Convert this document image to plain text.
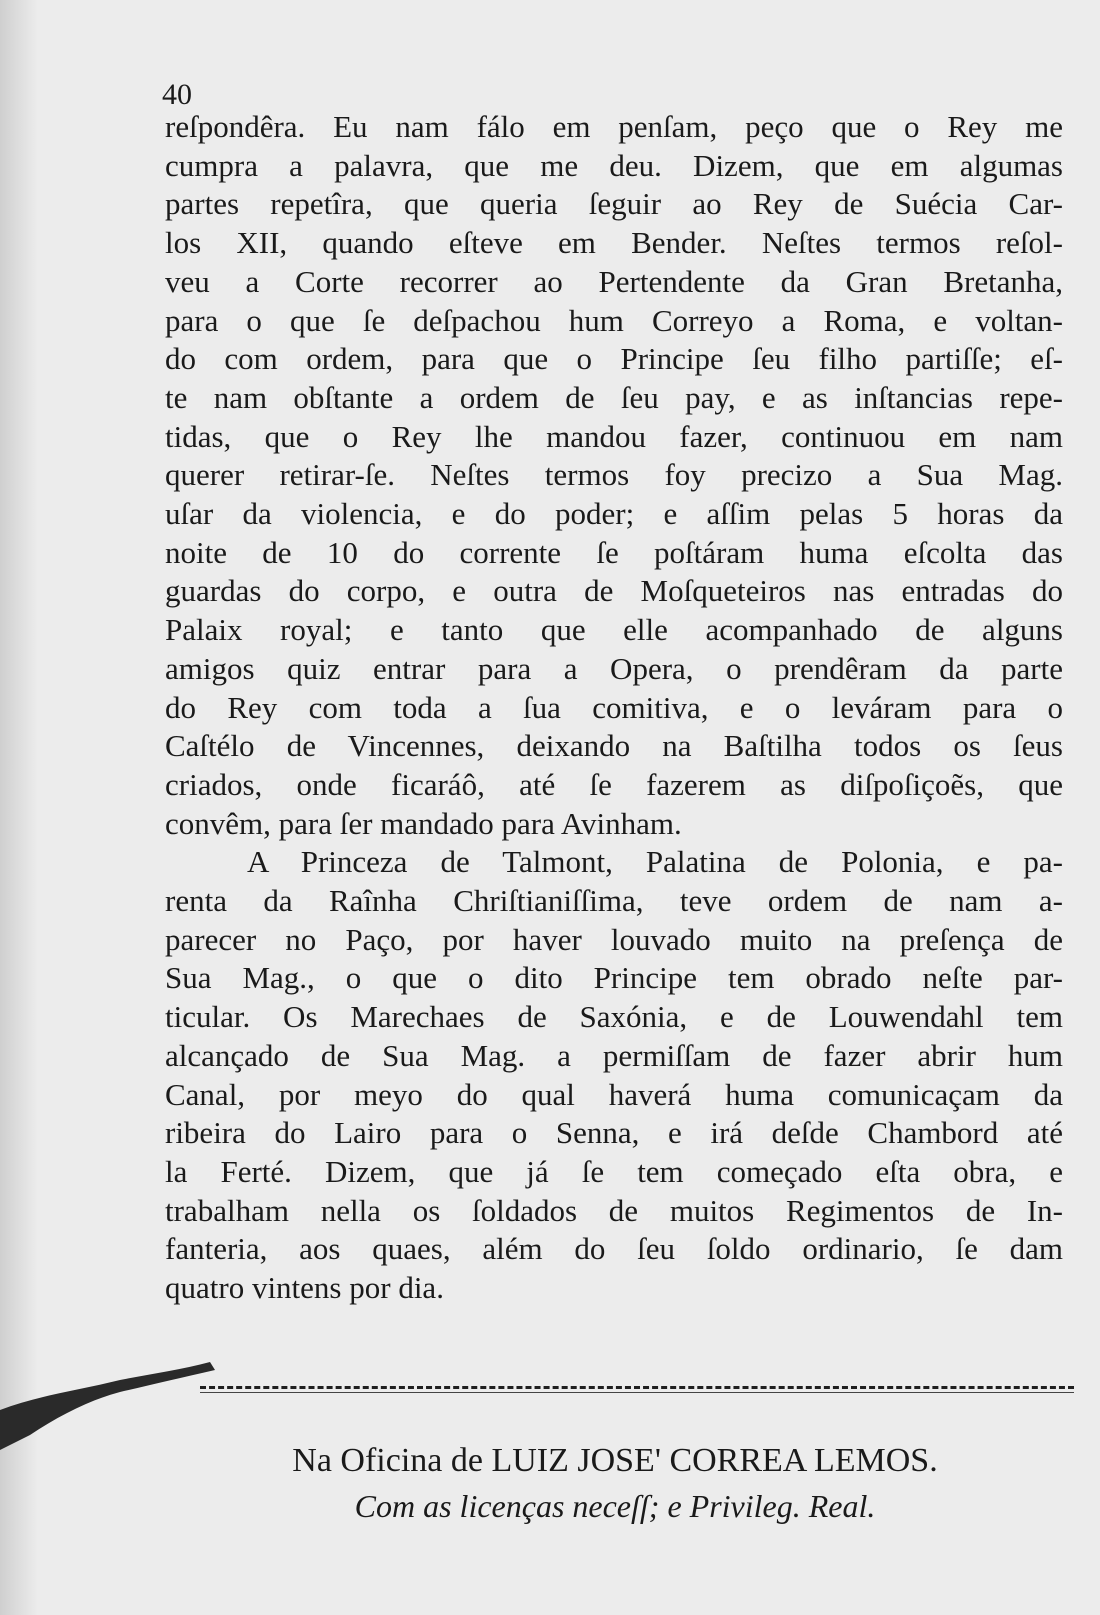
40
reſpondêra. Eu nam fálo em penſam, peço que o Rey me
cumpra a palavra, que me deu. Dizem, que em algumas
partes repetîra, que queria ſeguir ao Rey de Suécia Car-
los XII, quando eſteve em Bender. Neſtes termos reſol-
veu a Corte recorrer ao Pertendente da Gran Bretanha,
para o que ſe deſpachou hum Correyo a Roma, e voltan-
do com ordem, para que o Principe ſeu filho partiſſe; eſ-
te nam obſtante a ordem de ſeu pay, e as inſtancias repe-
tidas, que o Rey lhe mandou fazer, continuou em nam
querer retirar-ſe. Neſtes termos foy precizo a Sua Mag.
uſar da violencia, e do poder; e aſſim pelas 5 horas da
noite de 10 do corrente ſe poſtáram huma eſcolta das
guardas do corpo, e outra de Moſqueteiros nas entradas do
Palaix royal; e tanto que elle acompanhado de alguns
amigos quiz entrar para a Opera, o prendêram da parte
do Rey com toda a ſua comitiva, e o leváram para o
Caſtélo de Vincennes, deixando na Baſtilha todos os ſeus
criados, onde ficaráô, até ſe fazerem as diſpoſiçoẽs, que
convêm, para ſer mandado para Avinham.
A Princeza de Talmont, Palatina de Polonia, e pa-
renta da Raînha Chriſtianiſſima, teve ordem de nam a-
parecer no Paço, por haver louvado muito na preſença de
Sua Mag., o que o dito Principe tem obrado neſte par-
ticular. Os Marechaes de Saxónia, e de Louwendahl tem
alcançado de Sua Mag. a permiſſam de fazer abrir hum
Canal, por meyo do qual haverá huma comunicaçam da
ribeira do Lairo para o Senna, e irá deſde Chambord até
la Ferté. Dizem, que já ſe tem começado eſta obra, e
trabalham nella os ſoldados de muitos Regimentos de In-
fanteria, aos quaes, além do ſeu ſoldo ordinario, ſe dam
quatro vintens por dia.
Na Oficina de LUIZ JOSE' CORREA LEMOS.
Com as licenças neceſſ; e Privileg. Real.
